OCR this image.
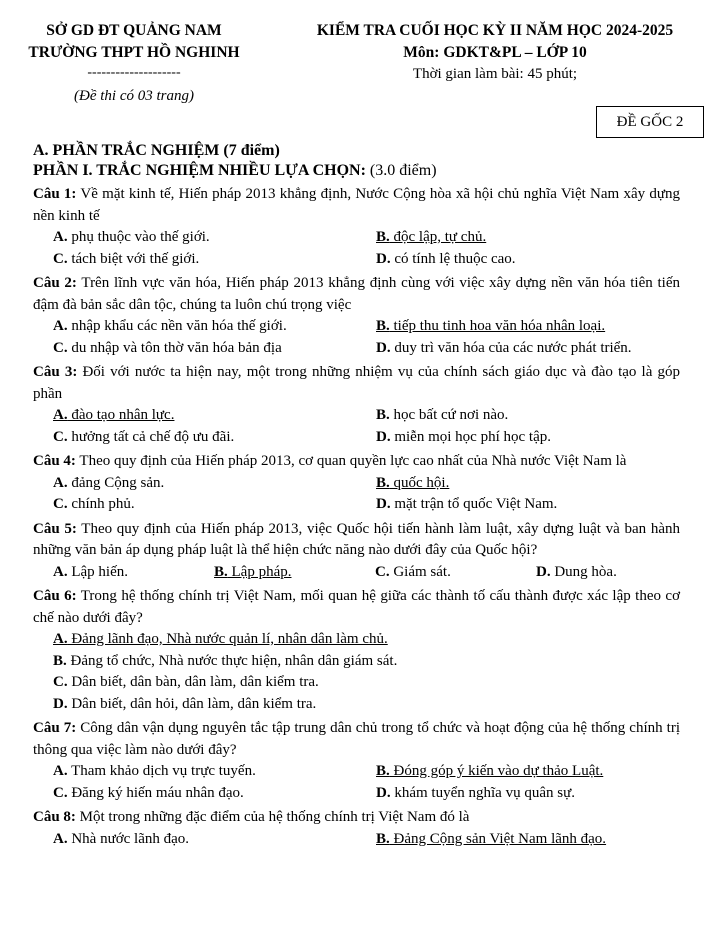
SỞ GD ĐT QUẢNG NAM
TRƯỜNG THPT HỒ NGHINH
--------------------
(Đề thi có 03 trang)
KIỂM TRA CUỐI HỌC KỲ II NĂM HỌC 2024-2025
Môn: GDKT&PL – LỚP 10
Thời gian làm bài: 45 phút;
ĐỀ GỐC 2
A. PHẦN TRẮC NGHIỆM (7 điểm)
PHẦN I. TRẮC NGHIỆM NHIỀU LỰA CHỌN: (3.0 điểm)
Câu 1: Về mặt kinh tế, Hiến pháp 2013 khẳng định, Nước Cộng hòa xã hội chủ nghĩa Việt Nam xây dựng nền kinh tế
A. phụ thuộc vào thế giới.	B. độc lập, tự chủ.
C. tách biệt với thế giới.	D. có tính lệ thuộc cao.
Câu 2: Trên lĩnh vực văn hóa, Hiến pháp 2013 khẳng định cùng với việc xây dựng nền văn hóa tiên tiến đậm đà bản sắc dân tộc, chúng ta luôn chú trọng việc
A. nhập khẩu các nền văn hóa thế giới.	B. tiếp thu tinh hoa văn hóa nhân loại.
C. du nhập và tôn thờ văn hóa bản địa	D. duy trì văn hóa của các nước phát triển.
Câu 3: Đối với nước ta hiện nay, một trong những nhiệm vụ của chính sách giáo dục và đào tạo là góp phần
A. đào tạo nhân lực.	B. học bất cứ nơi nào.
C. hưởng tất cả chế độ ưu đãi.	D. miễn mọi học phí học tập.
Câu 4: Theo quy định của Hiến pháp 2013, cơ quan quyền lực cao nhất của Nhà nước Việt Nam là
A. đảng Cộng sản.	B. quốc hội.
C. chính phủ.	D. mặt trận tổ quốc Việt Nam.
Câu 5: Theo quy định của Hiến pháp 2013, việc Quốc hội tiến hành làm luật, xây dựng luật và ban hành những văn bản áp dụng pháp luật là thể hiện chức năng nào dưới đây của Quốc hội?
A. Lập hiến.	B. Lập pháp.	C. Giám sát.	D. Dung hòa.
Câu 6: Trong hệ thống chính trị Việt Nam, mối quan hệ giữa các thành tố cấu thành được xác lập theo cơ chế nào dưới đây?
A. Đảng lãnh đạo, Nhà nước quản lí, nhân dân làm chủ.
B. Đảng tổ chức, Nhà nước thực hiện, nhân dân giám sát.
C. Dân biết, dân bàn, dân làm, dân kiểm tra.
D. Dân biết, dân hỏi, dân làm, dân kiểm tra.
Câu 7: Công dân vận dụng nguyên tắc tập trung dân chủ trong tổ chức và hoạt động của hệ thống chính trị thông qua việc làm nào dưới đây?
A. Tham khảo dịch vụ trực tuyến.	B. Đóng góp ý kiến vào dự thảo Luật.
C. Đăng ký hiến máu nhân đạo.	D. khám tuyển nghĩa vụ quân sự.
Câu 8: Một trong những đặc điểm của hệ thống chính trị Việt Nam đó là
A. Nhà nước lãnh đạo.	B. Đảng Cộng sản Việt Nam lãnh đạo.
